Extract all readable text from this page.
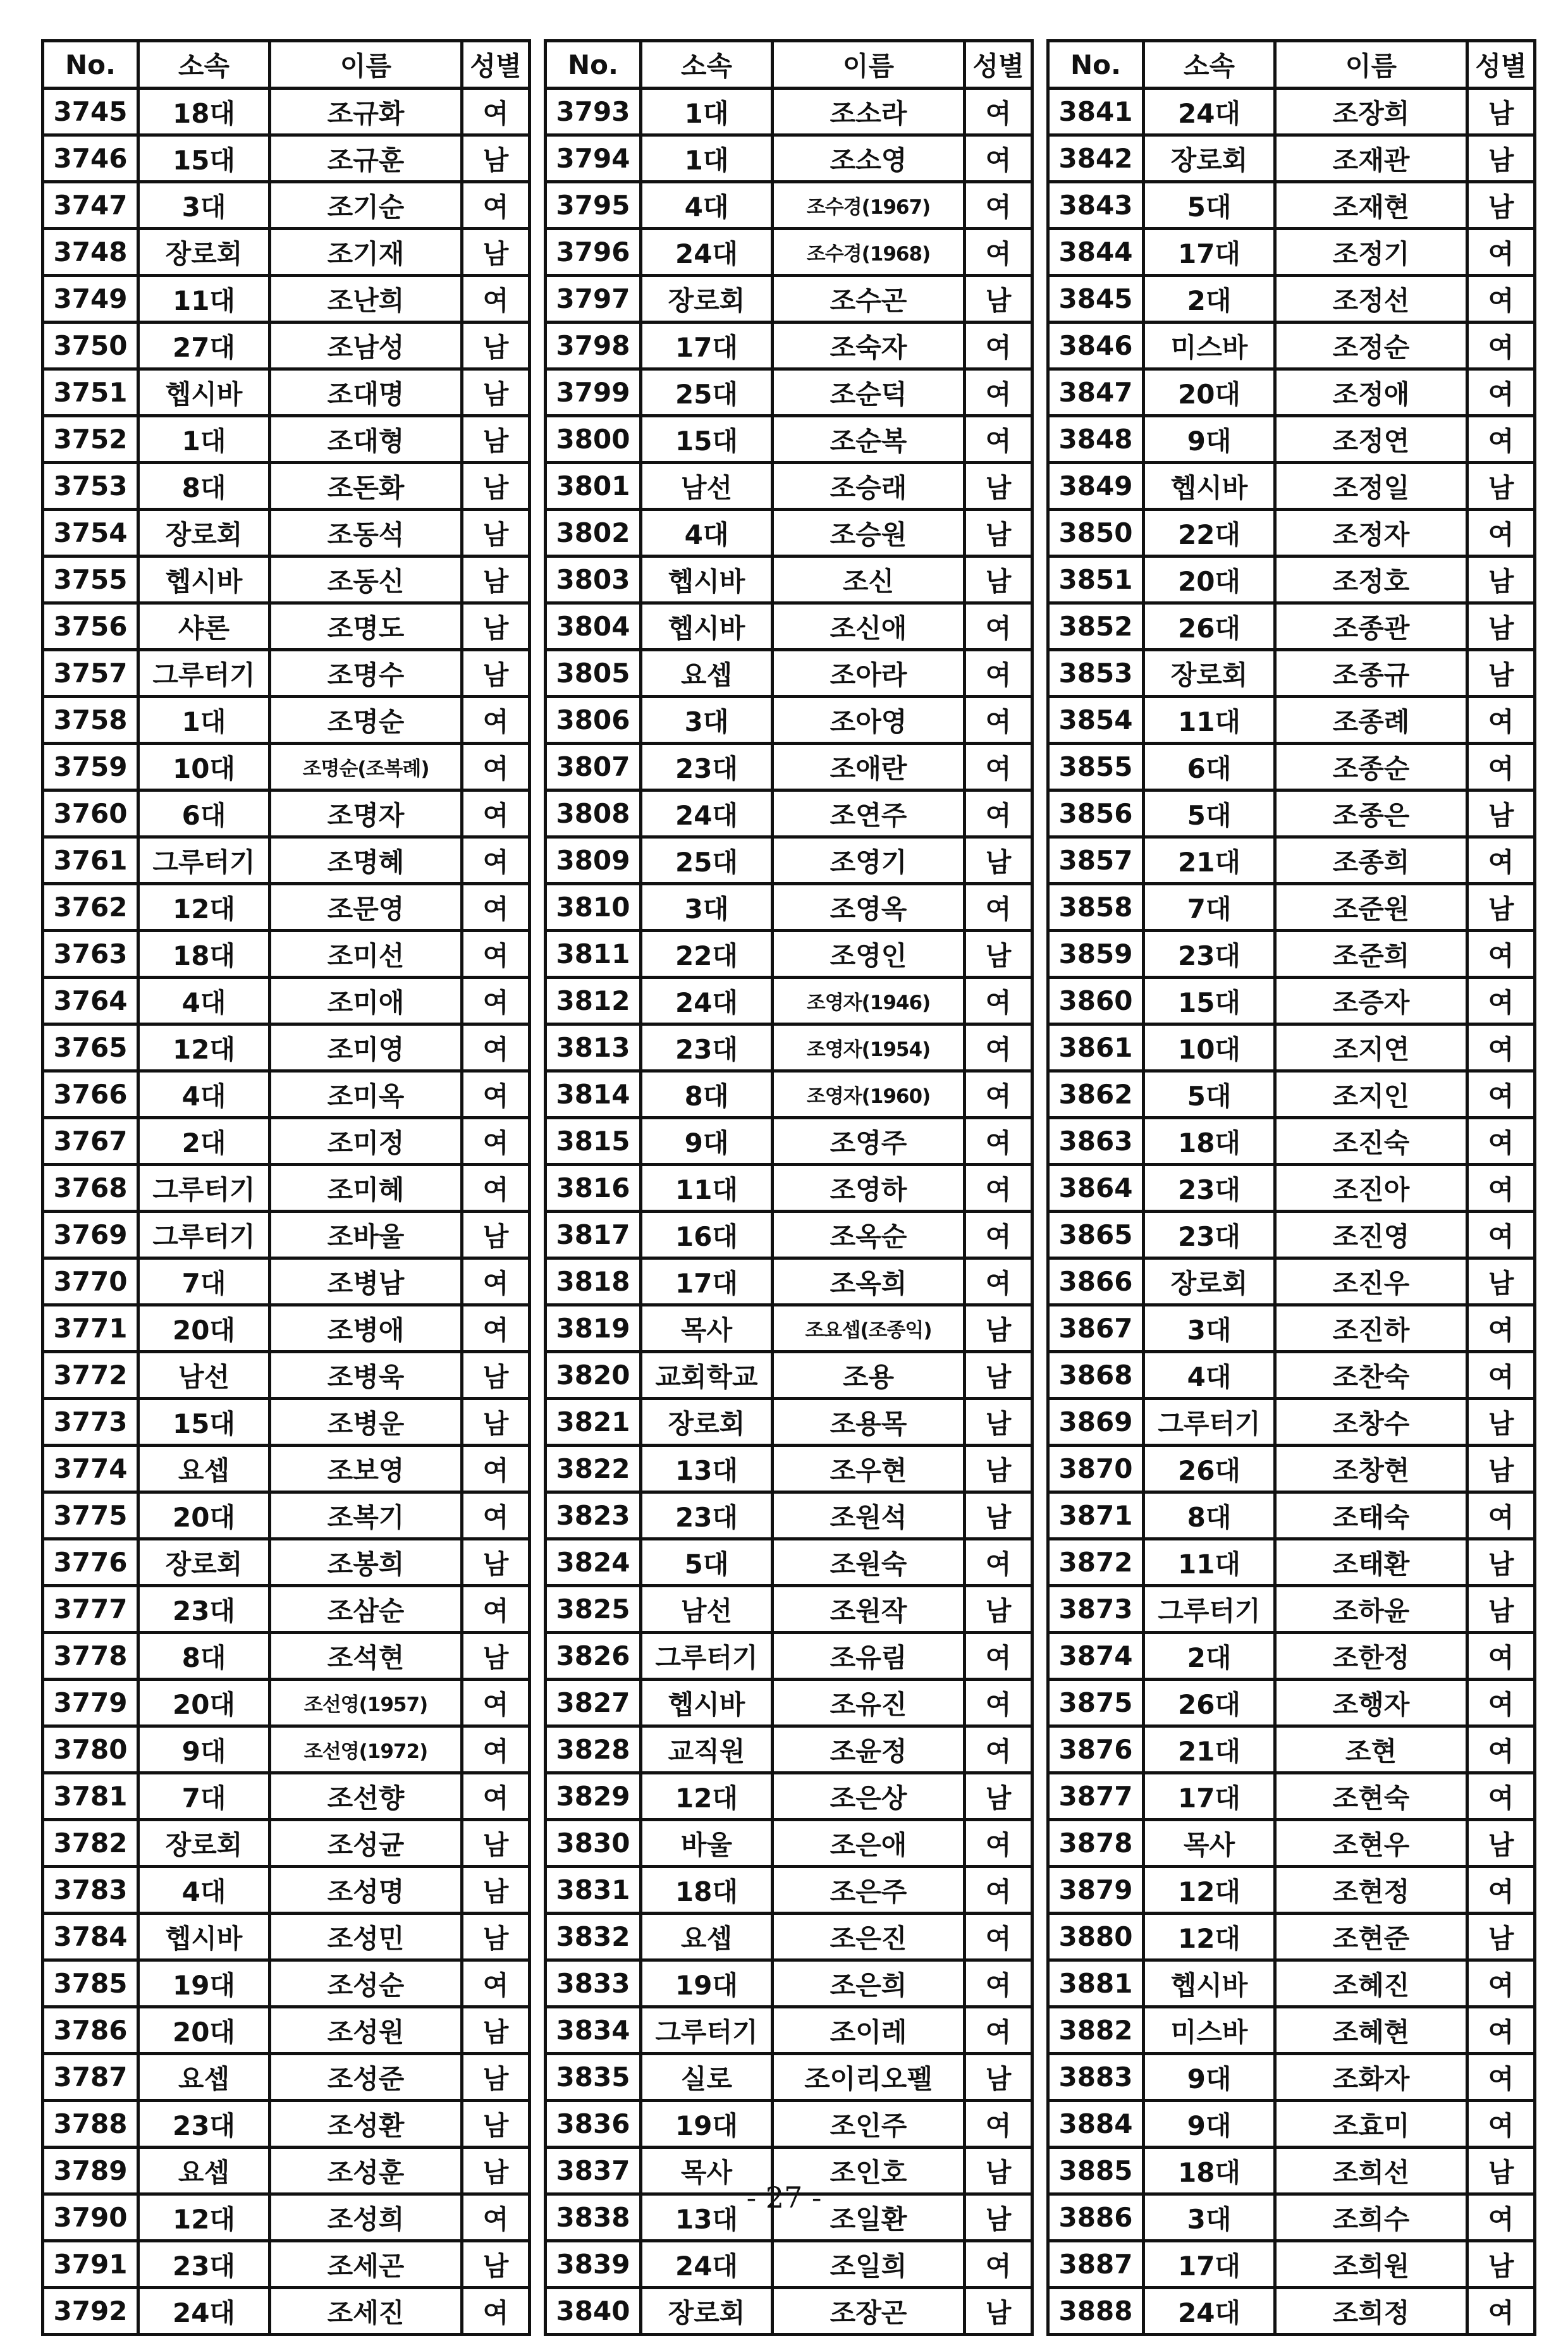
No.	소속	이름	성별
3745	18대	조규화	여
3746	15대	조규훈	남
3747	3대	조기순	여
3748	장로회	조기재	남
3749	11대	조난희	여
3750	27대	조남성	남
3751	헵시바	조대명	남
3752	1대	조대형	남
3753	8대	조돈화	남
3754	장로회	조동석	남
3755	헵시바	조동신	남
3756	샤론	조명도	남
3757	그루터기	조명수	남
3758	1대	조명순	여
3759	10대	조명순(조복례)	여
3760	6대	조명자	여
3761	그루터기	조명혜	여
3762	12대	조문영	여
3763	18대	조미선	여
3764	4대	조미애	여
3765	12대	조미영	여
3766	4대	조미옥	여
3767	2대	조미정	여
3768	그루터기	조미혜	여
3769	그루터기	조바울	남
3770	7대	조병남	여
3771	20대	조병애	여
3772	남선	조병욱	남
3773	15대	조병운	남
3774	요셉	조보영	여
3775	20대	조복기	여
3776	장로회	조봉희	남
3777	23대	조삼순	여
3778	8대	조석현	남
3779	20대	조선영(1957)	여
3780	9대	조선영(1972)	여
3781	7대	조선향	여
3782	장로회	조성균	남
3783	4대	조성명	남
3784	헵시바	조성민	남
3785	19대	조성순	여
3786	20대	조성원	남
3787	요셉	조성준	남
3788	23대	조성환	남
3789	요셉	조성훈	남
3790	12대	조성희	여
3791	23대	조세곤	남
3792	24대	조세진	여
No.	소속	이름	성별
3793	1대	조소라	여
3794	1대	조소영	여
3795	4대	조수경(1967)	여
3796	24대	조수경(1968)	여
3797	장로회	조수곤	남
3798	17대	조숙자	여
3799	25대	조순덕	여
3800	15대	조순복	여
3801	남선	조승래	남
3802	4대	조승원	남
3803	헵시바	조신	남
3804	헵시바	조신애	여
3805	요셉	조아라	여
3806	3대	조아영	여
3807	23대	조애란	여
3808	24대	조연주	여
3809	25대	조영기	남
3810	3대	조영옥	여
3811	22대	조영인	남
3812	24대	조영자(1946)	여
3813	23대	조영자(1954)	여
3814	8대	조영자(1960)	여
3815	9대	조영주	여
3816	11대	조영하	여
3817	16대	조옥순	여
3818	17대	조옥희	여
3819	목사	조요셉(조종익)	남
3820	교회학교	조용	남
3821	장로회	조용목	남
3822	13대	조우현	남
3823	23대	조원석	남
3824	5대	조원숙	여
3825	남선	조원작	남
3826	그루터기	조유림	여
3827	헵시바	조유진	여
3828	교직원	조윤정	여
3829	12대	조은상	남
3830	바울	조은애	여
3831	18대	조은주	여
3832	요셉	조은진	여
3833	19대	조은희	여
3834	그루터기	조이레	여
3835	실로	조이리오펠	남
3836	19대	조인주	여
3837	목사	조인호	남
3838	13대	조일환	남
3839	24대	조일희	여
3840	장로회	조장곤	남
No.	소속	이름	성별
3841	24대	조장희	남
3842	장로회	조재관	남
3843	5대	조재현	남
3844	17대	조정기	여
3845	2대	조정선	여
3846	미스바	조정순	여
3847	20대	조정애	여
3848	9대	조정연	여
3849	헵시바	조정일	남
3850	22대	조정자	여
3851	20대	조정호	남
3852	26대	조종관	남
3853	장로회	조종규	남
3854	11대	조종례	여
3855	6대	조종순	여
3856	5대	조종은	남
3857	21대	조종희	여
3858	7대	조준원	남
3859	23대	조준희	여
3860	15대	조증자	여
3861	10대	조지연	여
3862	5대	조지인	여
3863	18대	조진숙	여
3864	23대	조진아	여
3865	23대	조진영	여
3866	장로회	조진우	남
3867	3대	조진하	여
3868	4대	조찬숙	여
3869	그루터기	조창수	남
3870	26대	조창현	남
3871	8대	조태숙	여
3872	11대	조태환	남
3873	그루터기	조하윤	남
3874	2대	조한정	여
3875	26대	조행자	여
3876	21대	조현	여
3877	17대	조현숙	여
3878	목사	조현우	남
3879	12대	조현정	여
3880	12대	조현준	남
3881	헵시바	조혜진	여
3882	미스바	조혜현	여
3883	9대	조화자	여
3884	9대	조효미	여
3885	18대	조희선	남
3886	3대	조희수	여
3887	17대	조희원	남
3888	24대	조희정	여
- 27 -
